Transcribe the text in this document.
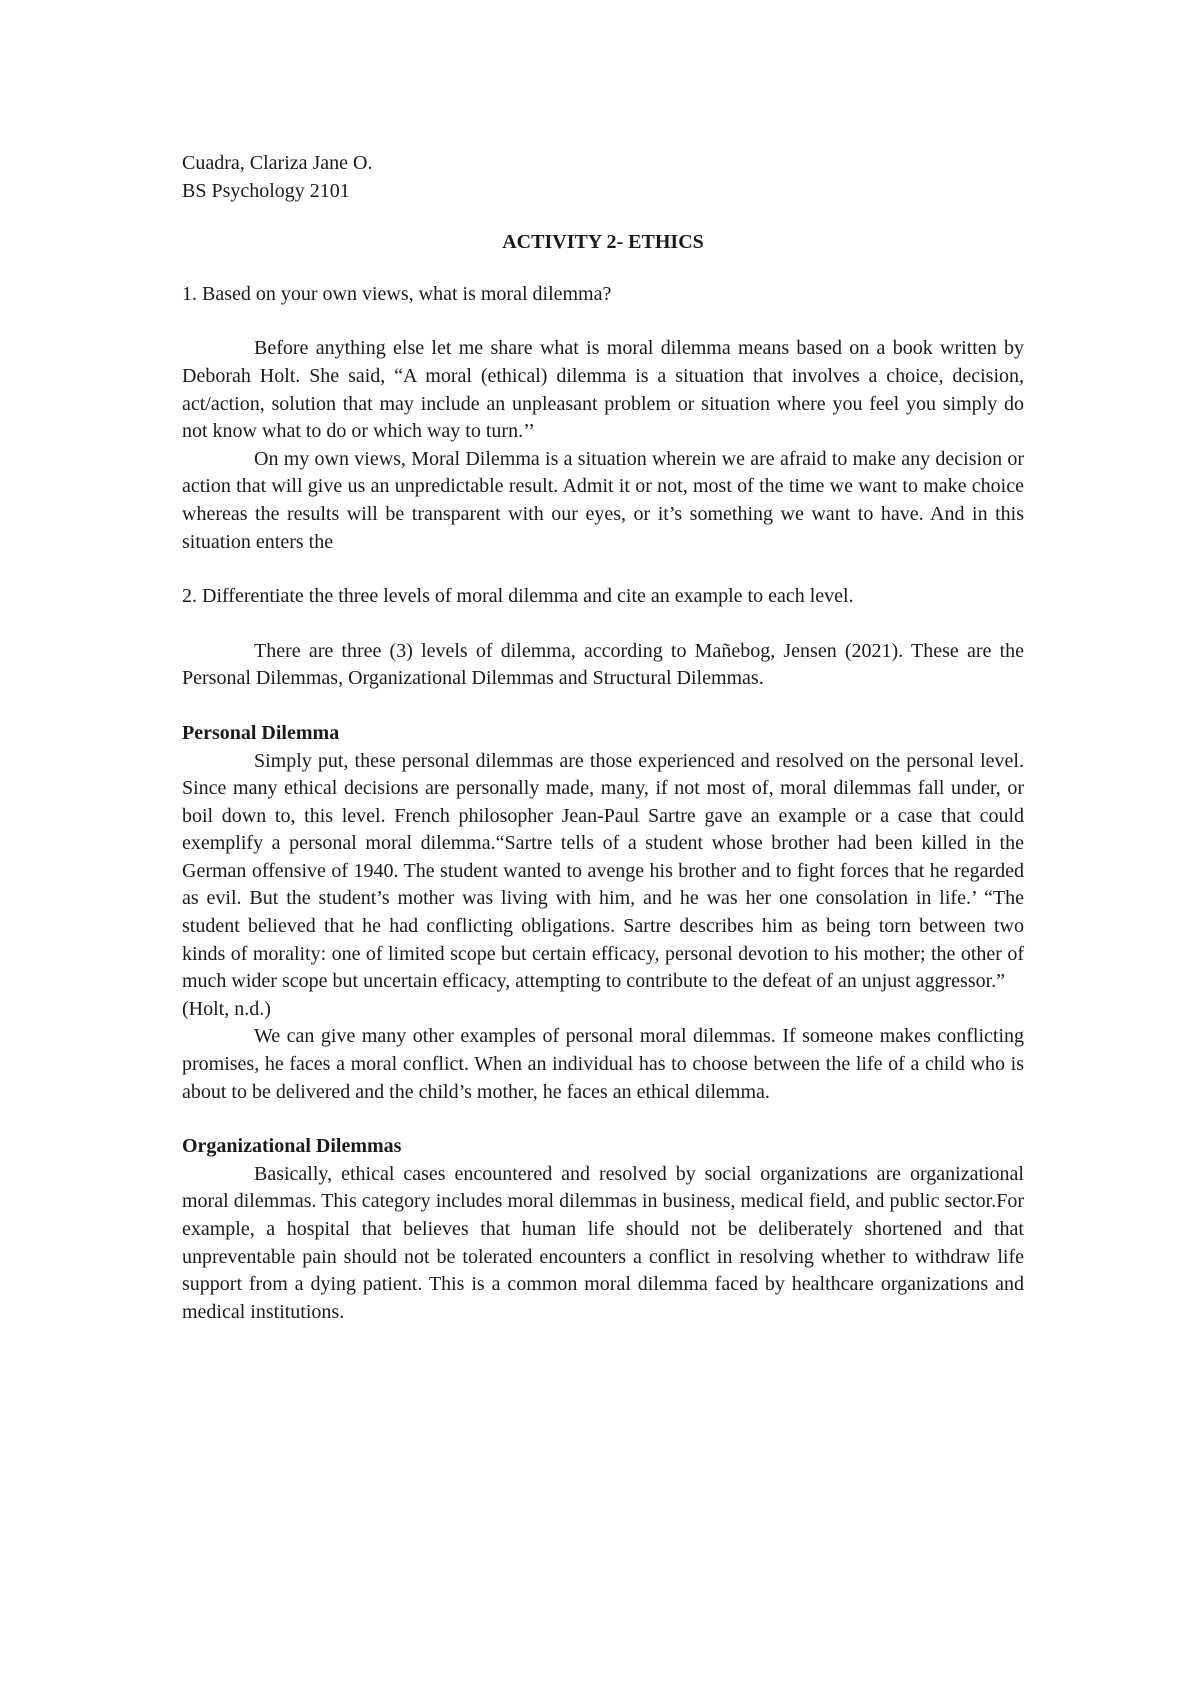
Cuadra, Clariza Jane O.

BS Psychology 2101

ACTIVITY 2- ETHICS

1. Based on your own views, what is moral dilemma?

Before anything else let me share what is moral dilemma means based on a book written by Deborah Holt. She said, “A moral (ethical) dilemma is a situation that involves a choice, decision, act/action, solution that may include an unpleasant problem or situation where you feel you simply do not know what to do or which way to turn.’’

On my own views, Moral Dilemma is a situation wherein we are afraid to make any decision or action that will give us an unpredictable result. Admit it or not, most of the time we want to make choice whereas the results will be transparent with our eyes, or it’s something we want to have. And in this situation enters the

2. Differentiate the three levels of moral dilemma and cite an example to each level.

There are three (3) levels of dilemma, according to Mañebog, Jensen (2021). These are the Personal Dilemmas, Organizational Dilemmas and Structural Dilemmas.

Personal Dilemma

Simply put, these personal dilemmas are those experienced and resolved on the personal level. Since many ethical decisions are personally made, many, if not most of, moral dilemmas fall under, or boil down to, this level. French philosopher Jean-Paul Sartre gave an example or a case that could exemplify a personal moral dilemma.“Sartre tells of a student whose brother had been killed in the German offensive of 1940. The student wanted to avenge his brother and to fight forces that he regarded as evil. But the student’s mother was living with him, and he was her one consolation in life.’ “The student believed that he had conflicting obligations. Sartre describes him as being torn between two kinds of morality: one of limited scope but certain efficacy, personal devotion to his mother; the other of much wider scope but uncertain efficacy, attempting to contribute to the defeat of an unjust aggressor.”

(Holt, n.d.)

We can give many other examples of personal moral dilemmas. If someone makes conflicting promises, he faces a moral conflict. When an individual has to choose between the life of a child who is about to be delivered and the child’s mother, he faces an ethical dilemma.

Organizational Dilemmas

Basically, ethical cases encountered and resolved by social organizations are organizational moral dilemmas. This category includes moral dilemmas in business, medical field, and public sector.For example, a hospital that believes that human life should not be deliberately shortened and that unpreventable pain should not be tolerated encounters a conflict in resolving whether to withdraw life support from a dying patient. This is a common moral dilemma faced by healthcare organizations and medical institutions.
